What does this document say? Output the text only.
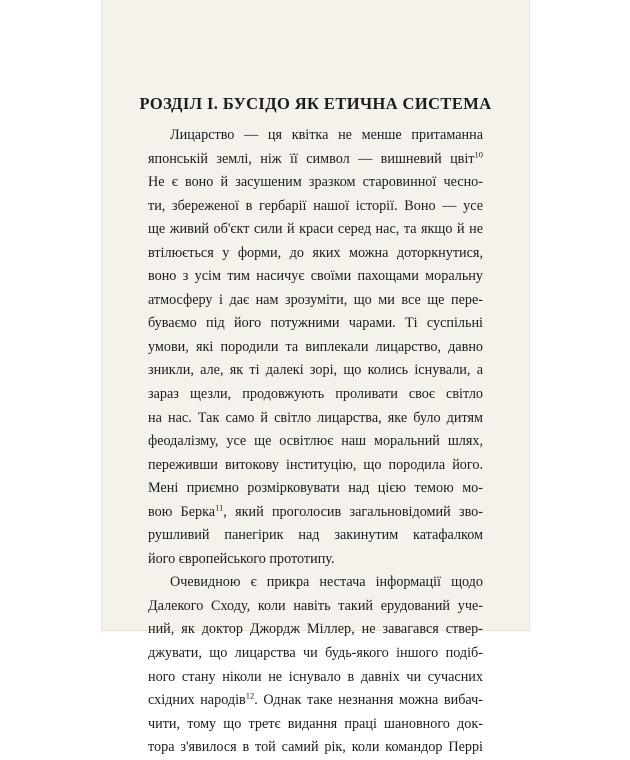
РОЗДІЛ I. БУСІДО ЯК ЕТИЧНА СИСТЕМА
Лицарство — ця квітка не менше притаманна
японській землі, ніж її символ — вишневий цвіт$^{10}$
Не є воно й засушеним зразком старовинної чесно-
ти, збереженої в гербарії нашої історії. Воно — усе
ще живий об'єкт сили й краси серед нас, та якщо й не
втілюється у форми, до яких можна доторкнутися,
воно з усім тим насичує своїми пахощами моральну
атмосферу і дає нам зрозуміти, що ми все ще пере-
буваємо під його потужними чарами. Ті суспільні
умови, які породили та виплекали лицарство, давно
зникли, але, як ті далекі зорі, що колись існували, а
зараз щезли, продовжують проливати своє світло
на нас. Так само й світло лицарства, яке було дитям
феодалізму, усе ще освітлює наш моральний шлях,
переживши витокову інституцію, що породила його.
Мені приємно розмірковувати над цією темою мо-
вою Берка$^{11}$, який проголосив загальновідомий зво-
рушливий панегірик над закинутим катафалком
його європейського прототипу.
Очевидною є прикра нестача інформації щодо
Далекого Сходу, коли навіть такий ерудований уче-
ний, як доктор Джордж Міллер, не завагався ствер-
джувати, що лицарства чи будь-якого іншого подіб-
ного стану ніколи не існувало в давніх чи сучасних
східних народів$^{12}$. Однак таке незнання можна вибач-
чити, тому що третє видання праці шановного док-
тора з'явилося в той самий рік, коли командор Перрі
